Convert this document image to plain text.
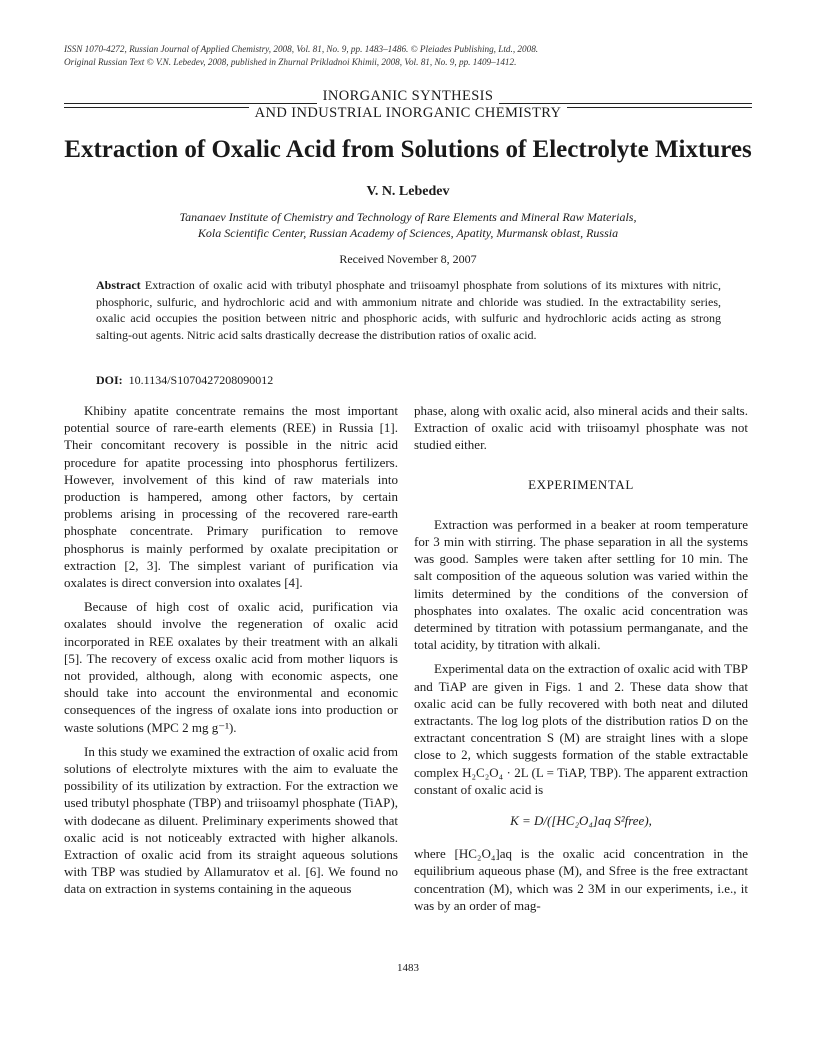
ISSN 1070-4272, Russian Journal of Applied Chemistry, 2008, Vol. 81, No. 9, pp. 1483–1486. © Pleiades Publishing, Ltd., 2008.
Original Russian Text © V.N. Lebedev, 2008, published in Zhurnal Prikladnoi Khimii, 2008, Vol. 81, No. 9, pp. 1409–1412.
INORGANIC SYNTHESIS
AND INDUSTRIAL INORGANIC CHEMISTRY
Extraction of Oxalic Acid from Solutions of Electrolyte Mixtures
V. N. Lebedev
Tananaev Institute of Chemistry and Technology of Rare Elements and Mineral Raw Materials,
Kola Scientific Center, Russian Academy of Sciences, Apatity, Murmansk oblast, Russia
Received November 8, 2007
Abstract Extraction of oxalic acid with tributyl phosphate and triisoamyl phosphate from solutions of its mixtures with nitric, phosphoric, sulfuric, and hydrochloric acid and with ammonium nitrate and chloride was studied. In the extractability series, oxalic acid occupies the position between nitric and phosphoric acids, with sulfuric and hydrochloric acids acting as strong salting-out agents. Nitric acid salts drastically decrease the distribution ratios of oxalic acid.
DOI: 10.1134/S1070427208090012

Khibiny apatite concentrate remains the most important potential source of rare-earth elements (REE) in Russia [1]. Their concomitant recovery is possible in the nitric acid procedure for apatite processing into phosphorus fertilizers. However, involvement of this kind of raw materials into production is hampered, among other factors, by certain problems arising in processing of the recovered rare-earth phosphate concentrate. Primary purification to remove phosphorus is mainly performed by oxalate precipitation or extraction [2, 3]. The simplest variant of purification via oxalates is direct conversion into oxalates [4].

Because of high cost of oxalic acid, purification via oxalates should involve the regeneration of oxalic acid incorporated in REE oxalates by their treatment with an alkali [5]. The recovery of excess oxalic acid from mother liquors is not provided, although, along with economic aspects, one should take into account the environmental and economic consequences of the ingress of oxalate ions into production or waste solutions (MPC 2 mg g⁻¹).

In this study we examined the extraction of oxalic acid from solutions of electrolyte mixtures with the aim to evaluate the possibility of its utilization by extraction. For the extraction we used tributyl phosphate (TBP) and triisoamyl phosphate (TiAP), with dodecane as diluent. Preliminary experiments showed that oxalic acid is not noticeably extracted with higher alkanols. Extraction of oxalic acid from its straight aqueous solutions with TBP was studied by Allamuratov et al. [6]. We found no data on extraction in systems containing in the aqueous

phase, along with oxalic acid, also mineral acids and their salts. Extraction of oxalic acid with triisoamyl phosphate was not studied either.

EXPERIMENTAL

Extraction was performed in a beaker at room temperature for 3 min with stirring. The phase separation in all the systems was good. Samples were taken after settling for 10 min. The salt composition of the aqueous solution was varied within the limits determined by the conditions of the conversion of phosphates into oxalates. The oxalic acid concentration was determined by titration with potassium permanganate, and the total acidity, by titration with alkali.

Experimental data on the extraction of oxalic acid with TBP and TiAP are given in Figs. 1 and 2. These data show that oxalic acid can be fully recovered with both neat and diluted extractants. The log log plots of the distribution ratios D on the extractant concentration S (M) are straight lines with a slope close to 2, which suggests formation of the stable extractable complex H₂C₂O₄ · 2L (L = TiAP, TBP). The apparent extraction constant of oxalic acid is

K = D/([HC₂O₄]aq S²free),

where [HC₂O₄]aq is the oxalic acid concentration in the equilibrium aqueous phase (M), and Sfree is the free extractant concentration (M), which was 2 3M in our experiments, i.e., it was by an order of mag-

1483
